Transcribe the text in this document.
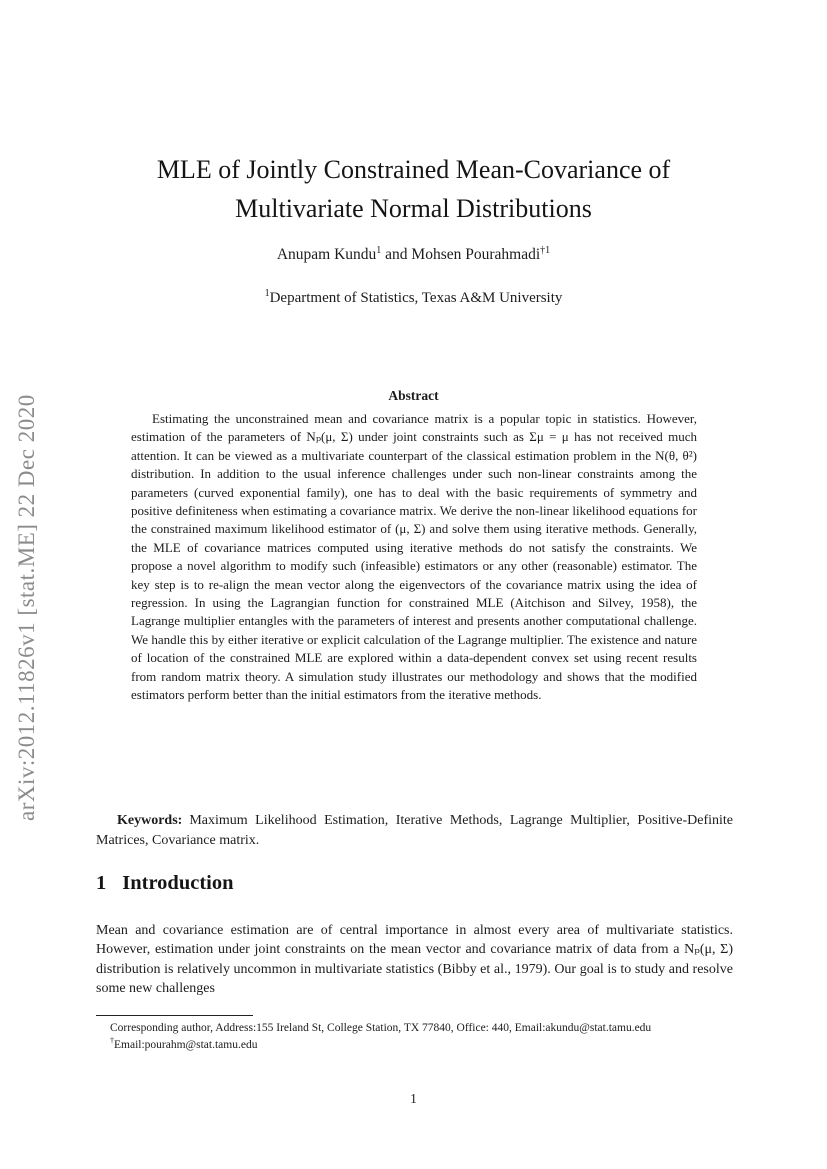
arXiv:2012.11826v1 [stat.ME] 22 Dec 2020
MLE of Jointly Constrained Mean-Covariance of
Multivariate Normal Distributions
Anupam Kundu$^1$ and Mohsen Pourahmadi$^{\dagger 1}$
$^1$Department of Statistics, Texas A&M University
Abstract
Estimating the unconstrained mean and covariance matrix is a popular topic in statistics. However, estimation of the parameters of Nₚ(μ, Σ) under joint constraints such as Σμ = μ has not received much attention. It can be viewed as a multivariate counterpart of the classical estimation problem in the N(θ, θ²) distribution. In addition to the usual inference challenges under such non-linear constraints among the parameters (curved exponential family), one has to deal with the basic requirements of symmetry and positive definiteness when estimating a covariance matrix. We derive the non-linear likelihood equations for the constrained maximum likelihood estimator of (μ, Σ) and solve them using iterative methods. Generally, the MLE of covariance matrices computed using iterative methods do not satisfy the constraints. We propose a novel algorithm to modify such (infeasible) estimators or any other (reasonable) estimator. The key step is to re-align the mean vector along the eigenvectors of the covariance matrix using the idea of regression. In using the Lagrangian function for constrained MLE (Aitchison and Silvey, 1958), the Lagrange multiplier entangles with the parameters of interest and presents another computational challenge. We handle this by either iterative or explicit calculation of the Lagrange multiplier. The existence and nature of location of the constrained MLE are explored within a data-dependent convex set using recent results from random matrix theory. A simulation study illustrates our methodology and shows that the modified estimators perform better than the initial estimators from the iterative methods.
Keywords: Maximum Likelihood Estimation, Iterative Methods, Lagrange Multiplier, Positive-Definite Matrices, Covariance matrix.
1 Introduction
Mean and covariance estimation are of central importance in almost every area of multivariate statistics. However, estimation under joint constraints on the mean vector and covariance matrix of data from a Nₚ(μ, Σ) distribution is relatively uncommon in multivariate statistics (Bibby et al., 1979). Our goal is to study and resolve some new challenges

Corresponding author, Address:155 Ireland St, College Station, TX 77840, Office: 440, Email:akundu@stat.tamu.edu

†Email:pourahm@stat.tamu.edu

1
